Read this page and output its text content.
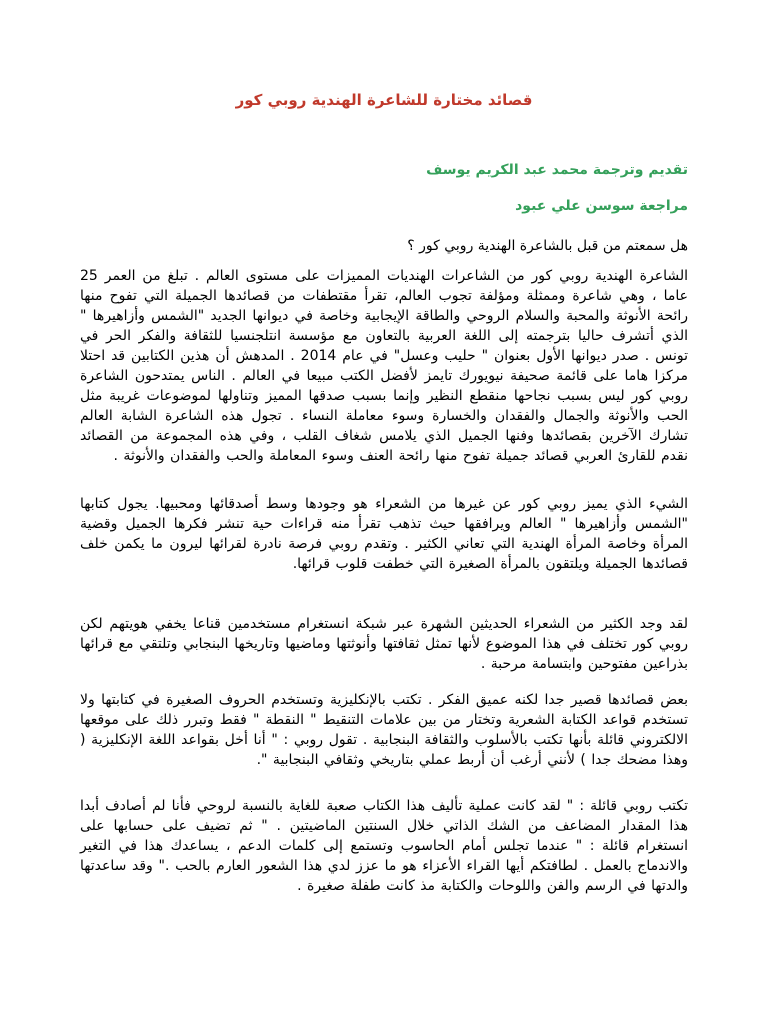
قصائد مختارة للشاعرة الهندية روبي كور
تقديم وترجمة محمد عبد الكريم يوسف
مراجعة سوسن علي عبود
هل سمعتم من قبل بالشاعرة الهندية روبي كور ؟
الشاعرة الهندية روبي كور من الشاعرات الهنديات المميزات على مستوى العالم . تبلغ من العمر 25 عاما ، وهي شاعرة وممثلة ومؤلفة تجوب العالم، تقرأ مقتطفات من قصائدها الجميلة التي تفوح منها رائحة الأنوثة والمحبة والسلام الروحي والطاقة الإيجابية وخاصة في ديوانها الجديد "الشمس وأزاهيرها " الذي أتشرف حاليا بترجمته إلى اللغة العربية بالتعاون مع مؤسسة انتلجنسيا للثقافة والفكر الحر في تونس . صدر ديوانها الأول بعنوان " حليب وعسل" في عام 2014 . المدهش أن هذين الكتابين قد احتلا مركزا هاما على قائمة صحيفة نيويورك تايمز لأفضل الكتب مبيعا في العالم . الناس يمتدحون الشاعرة روبي كور ليس بسبب نجاحها منقطع النظير وإنما بسبب صدقها المميز وتناولها لموضوعات غريبة مثل الحب والأنوثة والجمال والفقدان والخسارة وسوء معاملة النساء . تجول هذه الشاعرة الشابة العالم تشارك الآخرين بقصائدها وفنها الجميل الذي يلامس شغاف القلب ، وفي هذه المجموعة من القصائد نقدم للقارئ العربي قصائد جميلة تفوح منها رائحة العنف وسوء المعاملة والحب والفقدان والأنوثة .
الشيء الذي يميز روبي كور عن غيرها من الشعراء هو وجودها وسط أصدقائها ومحبيها. يجول كتابها "الشمس وأزاهيرها " العالم ويرافقها حيث تذهب تقرأ منه قراءات حية تنشر فكرها الجميل وقضية المرأة وخاصة المرأة الهندية التي تعاني الكثير . وتقدم روبي فرصة نادرة لقرائها ليرون ما يكمن خلف قصائدها الجميلة ويلتقون بالمرأة الصغيرة التي خطفت قلوب قرائها.
لقد وجد الكثير من الشعراء الحديثين الشهرة عبر شبكة انستغرام مستخدمين قناعا يخفي هويتهم لكن روبي كور تختلف في هذا الموضوع لأنها تمثل ثقافتها وأنوثتها وماضيها وتاريخها البنجابي وتلتقي مع قرائها بذراعين مفتوحين وابتسامة مرحبة .
بعض قصائدها قصير جدا لكنه عميق الفكر . تكتب بالإنكليزية وتستخدم الحروف الصغيرة في كتابتها ولا تستخدم قواعد الكتابة الشعرية وتختار من بين علامات التنقيط " النقطة " فقط وتبرر ذلك على موقعها الالكتروني قائلة بأنها تكتب بالأسلوب والثقافة البنجابية . تقول روبي : " أنا أخل بقواعد اللغة الإنكليزية ( وهذا مضحك جدا ) لأنني أرغب أن أربط عملي بتاريخي وثقافي البنجابية ".
تكتب روبي قائلة : " لقد كانت عملية تأليف هذا الكتاب صعبة للغاية بالنسبة لروحي فأنا لم أصادف أبدا هذا المقدار المضاعف من الشك الذاتي خلال السنتين الماضيتين . " ثم تضيف على حسابها على انستغرام قائلة : " عندما تجلس أمام الحاسوب وتستمع إلى كلمات الدعم ، يساعدك هذا في التغير والاندماج بالعمل . لطافتكم أيها القراء الأعزاء هو ما عزز لدي هذا الشعور العارم بالحب ." وقد ساعدتها والدتها في الرسم والفن واللوحات والكتابة مذ كانت طفلة صغيرة .
